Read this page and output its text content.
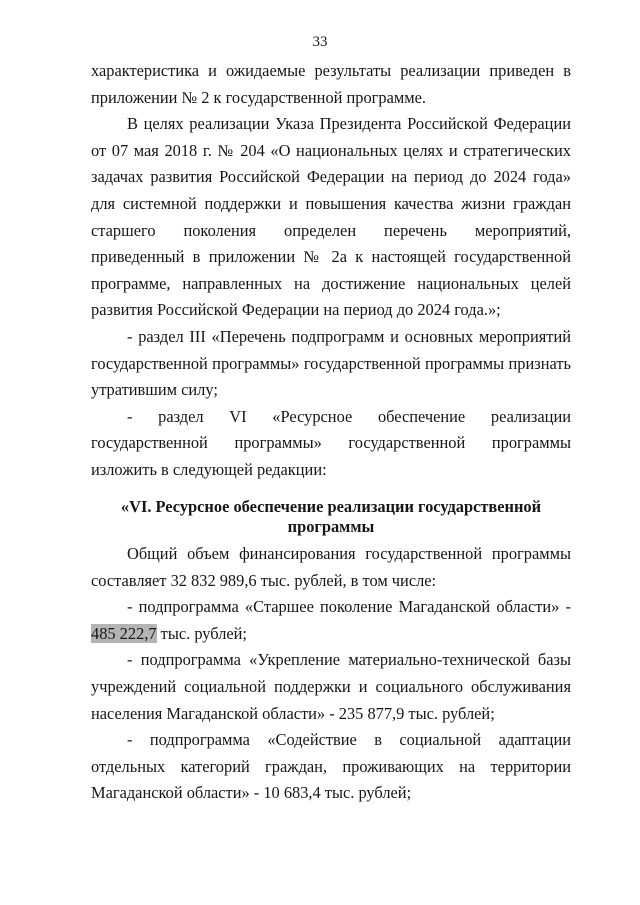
33

характеристика и ожидаемые результаты реализации приведен в приложении № 2 к государственной программе.

В целях реализации Указа Президента Российской Федерации от 07 мая 2018 г. № 204 «О национальных целях и стратегических задачах развития Российской Федерации на период до 2024 года» для системной поддержки и повышения качества жизни граждан старшего поколения определен перечень мероприятий, приведенный в приложении № 2а к настоящей государственной программе, направленных на достижение национальных целей развития Российской Федерации на период до 2024 года.»;

- раздел III «Перечень подпрограмм и основных мероприятий государственной программы» государственной программы признать утратившим силу;

- раздел VI «Ресурсное обеспечение реализации государственной программы» государственной программы изложить в следующей редакции:

«VI. Ресурсное обеспечение реализации государственной программы

Общий объем финансирования государственной программы составляет 32 832 989,6 тыс. рублей, в том числе:

- подпрограмма «Старшее поколение Магаданской области» - 485 222,7 тыс. рублей;

- подпрограмма «Укрепление материально-технической базы учреждений социальной поддержки и социального обслуживания населения Магаданской области» - 235 877,9 тыс. рублей;

- подпрограмма «Содействие в социальной адаптации отдельных категорий граждан, проживающих на территории Магаданской области» - 10 683,4 тыс. рублей;
